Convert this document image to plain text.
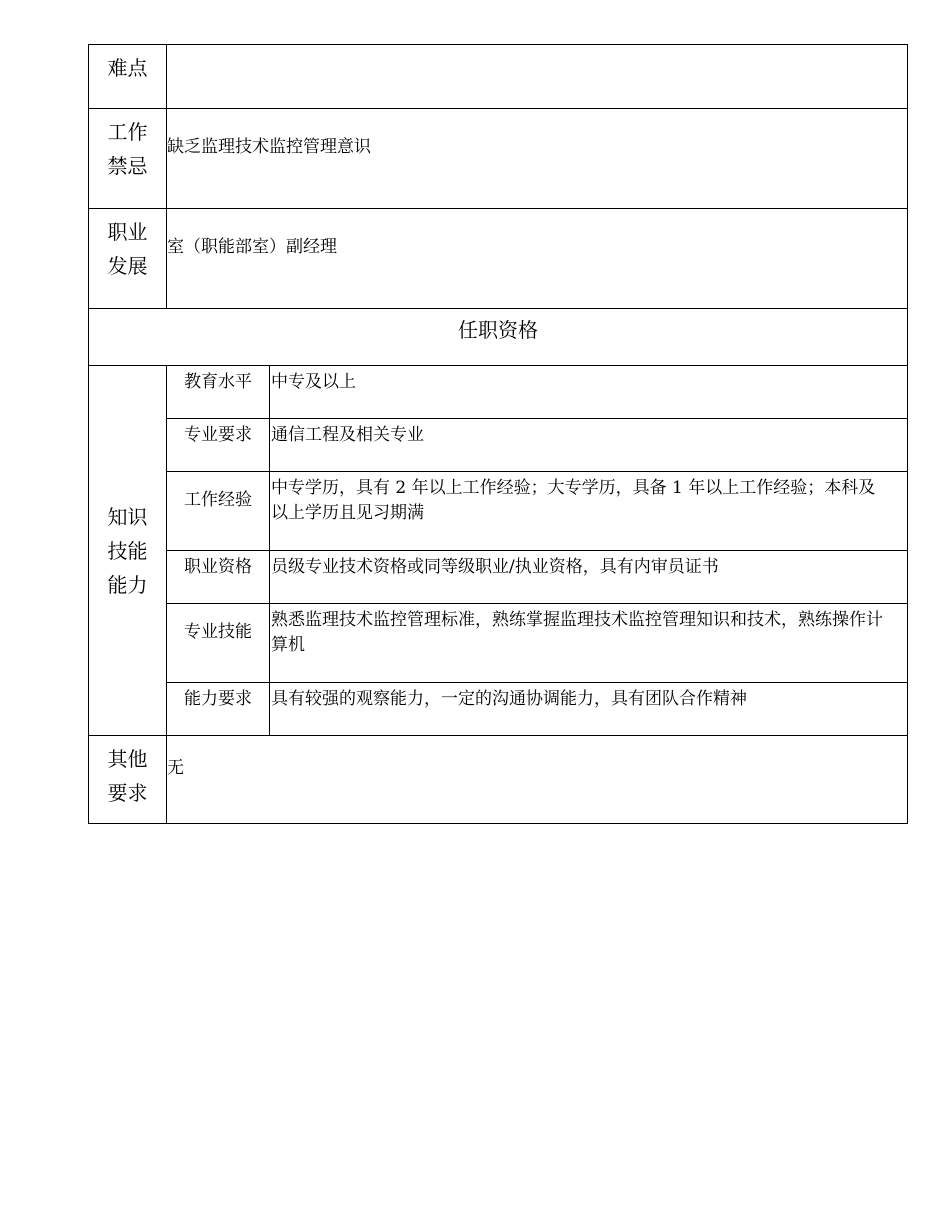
难点		
工作禁忌	缺乏监理技术监控管理意识	
职业发展	室（职能部室）副经理	
任职资格		
知识技能能力	教育水平	中专及以上
	专业要求	通信工程及相关专业
	工作经验	中专学历，具有 2 年以上工作经验；大专学历，具备 1 年以上工作经验；本科及以上学历且见习期满
	职业资格	员级专业技术资格或同等级职业/执业资格，具有内审员证书
	专业技能	熟悉监理技术监控管理标准，熟练掌握监理技术监控管理知识和技术，熟练操作计算机
	能力要求	具有较强的观察能力，一定的沟通协调能力，具有团队合作精神
其他要求	无	
